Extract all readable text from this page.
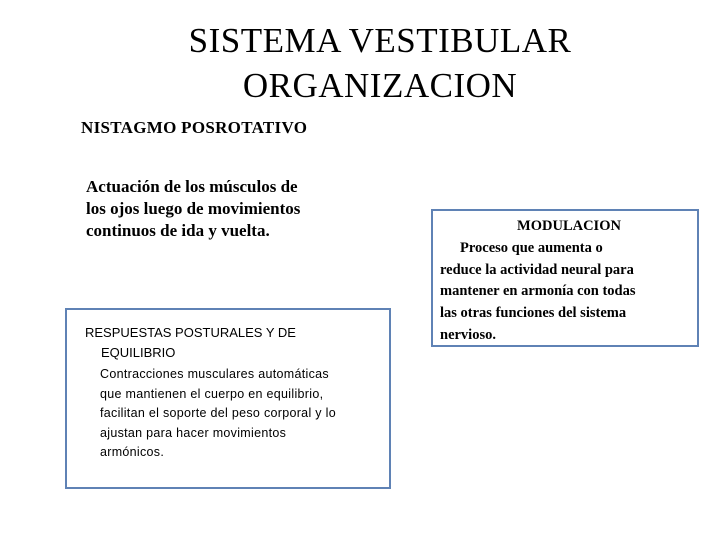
SISTEMA VESTIBULAR
ORGANIZACION
NISTAGMO POSROTATIVO
Actuación de los músculos de
los ojos luego de movimientos
continuos de ida y vuelta.
RESPUESTAS POSTURALES Y DE
EQUILIBRIO
Contracciones musculares automáticas
que mantienen el cuerpo en equilibrio,
facilitan el soporte del peso corporal y lo
ajustan para hacer movimientos
armónicos.
MODULACION
Proceso que aumenta o
reduce la actividad neural para
mantener en armonía con todas
las otras funciones del sistema
nervioso.
